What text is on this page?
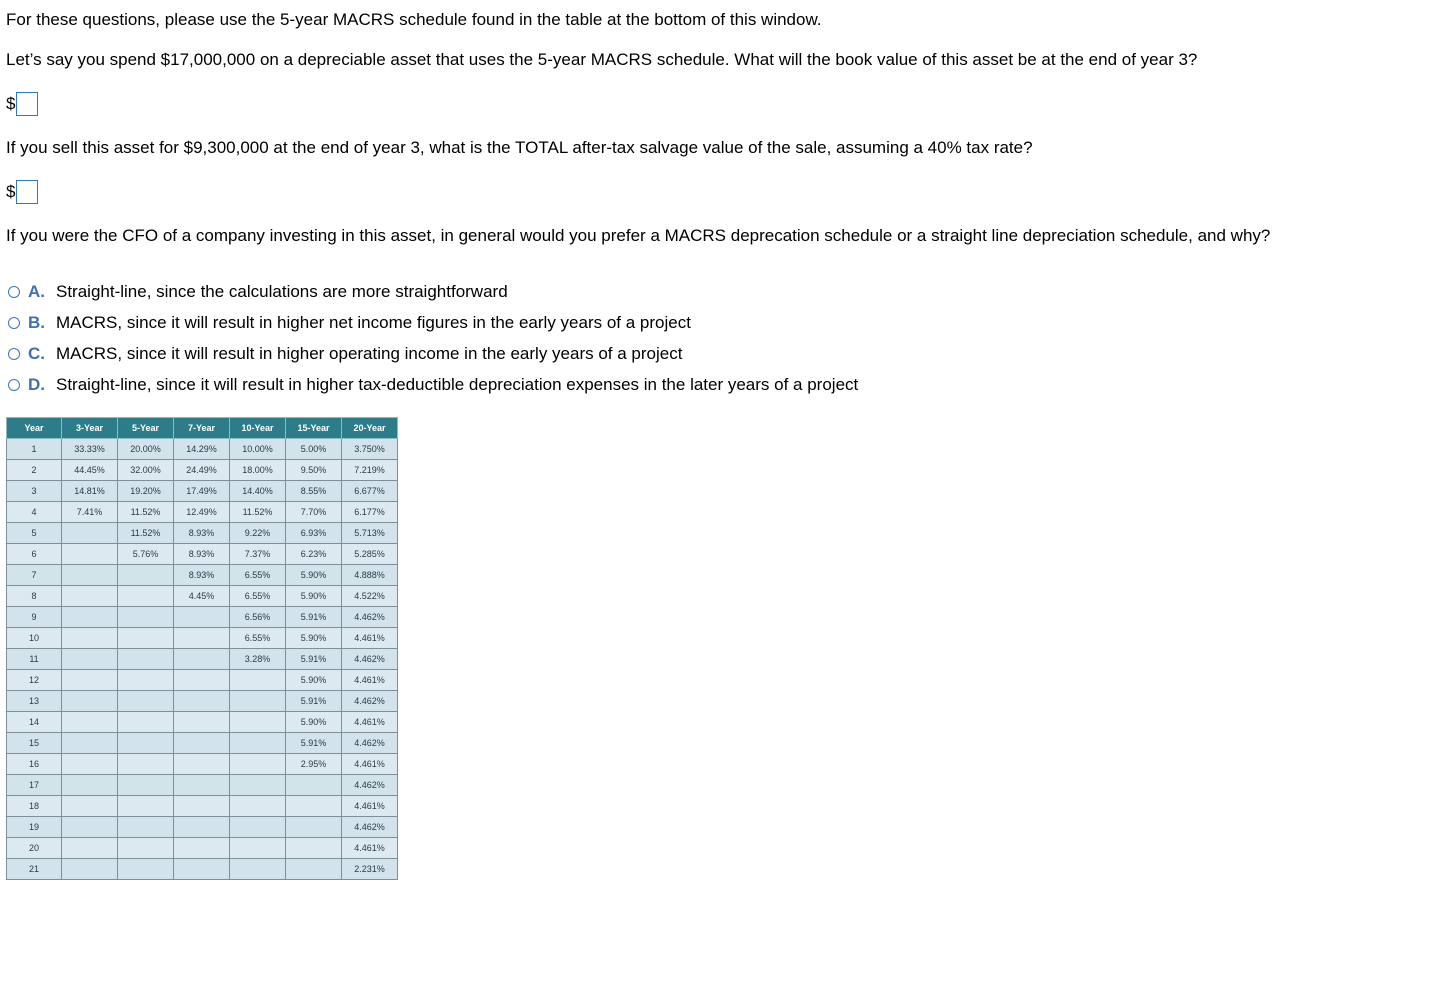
For these questions, please use the 5-year MACRS schedule found in the table at the bottom of this window.
Let’s say you spend $17,000,000 on a depreciable asset that uses the 5-year MACRS schedule. What will the book value of this asset be at the end of year 3?
$
If you sell this asset for $9,300,000 at the end of year 3, what is the TOTAL after-tax salvage value of the sale, assuming a 40% tax rate?
$
If you were the CFO of a company investing in this asset, in general would you prefer a MACRS deprecation schedule or a straight line depreciation schedule, and why?
A. Straight-line, since the calculations are more straightforward
B. MACRS, since it will result in higher net income figures in the early years of a project
C. MACRS, since it will result in higher operating income in the early years of a project
D. Straight-line, since it will result in higher tax-deductible depreciation expenses in the later years of a project
Year	3-Year	5-Year	7-Year	10-Year	15-Year	20-Year
1	33.33%	20.00%	14.29%	10.00%	5.00%	3.750%
2	44.45%	32.00%	24.49%	18.00%	9.50%	7.219%
3	14.81%	19.20%	17.49%	14.40%	8.55%	6.677%
4	7.41%	11.52%	12.49%	11.52%	7.70%	6.177%
5		11.52%	8.93%	9.22%	6.93%	5.713%
6		5.76%	8.93%	7.37%	6.23%	5.285%
7			8.93%	6.55%	5.90%	4.888%
8			4.45%	6.55%	5.90%	4.522%
9				6.56%	5.91%	4.462%
10				6.55%	5.90%	4.461%
11				3.28%	5.91%	4.462%
12					5.90%	4.461%
13					5.91%	4.462%
14					5.90%	4.461%
15					5.91%	4.462%
16					2.95%	4.461%
17						4.462%
18						4.461%
19						4.462%
20						4.461%
21						2.231%
